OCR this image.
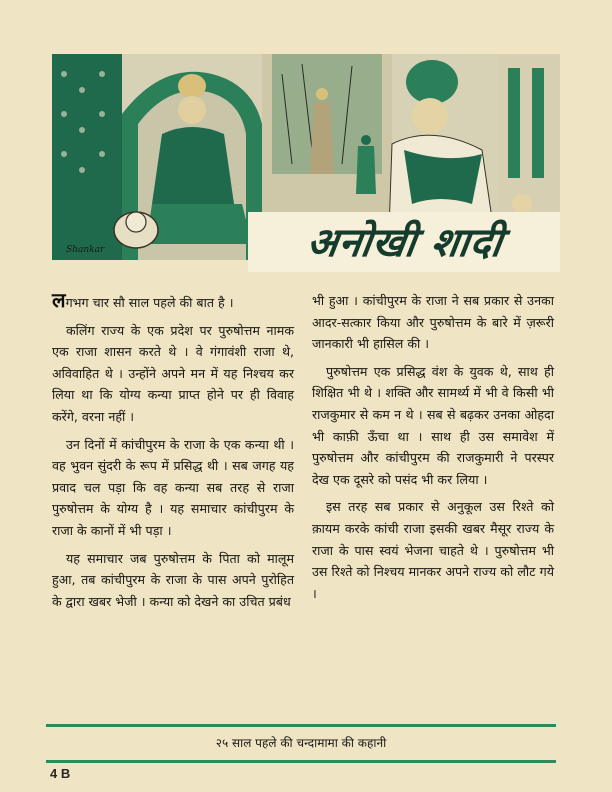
Shankar	अनोखी शादी

लगभग चार सौ साल पहले की बात है ।

कलिंग राज्य के एक प्रदेश पर पुरुषोत्तम नामक एक राजा शासन करते थे । वे गंगावंशी राजा थे, अविवाहित थे । उन्होंने अपने मन में यह निश्चय कर लिया था कि योग्य कन्या प्राप्त होने पर ही विवाह करेंगे, वरना नहीं ।

उन दिनों में कांचीपुरम के राजा के एक कन्या थी । वह भुवन सुंदरी के रूप में प्रसिद्ध थी । सब जगह यह प्रवाद चल पड़ा कि वह कन्या सब तरह से राजा पुरुषोत्तम के योग्य है । यह समाचार कांचीपुरम के राजा के कानों में भी पड़ा ।

यह समाचार जब पुरुषोत्तम के पिता को मालूम हुआ, तब कांचीपुरम के राजा के पास अपने पुरोहित के द्वारा खबर भेजी । कन्या को देखने का उचित प्रबंध

भी हुआ । कांचीपुरम के राजा ने सब प्रकार से उनका आदर-सत्कार किया और पुरुषोत्तम के बारे में ज़रूरी जानकारी भी हासिल की ।

पुरुषोत्तम एक प्रसिद्ध वंश के युवक थे, साथ ही शिक्षित भी थे । शक्ति और सामर्थ्य में भी वे किसी भी राजकुमार से कम न थे । सब से बढ़कर उनका ओहदा भी काफ़ी ऊँचा था । साथ ही उस समावेश में पुरुषोत्तम और कांचीपुरम की राजकुमारी ने परस्पर देख एक दूसरे को पसंद भी कर लिया ।

इस तरह सब प्रकार से अनुकूल उस रिश्ते को क़ायम करके कांची राजा इसकी खबर मैसूर राज्य के राजा के पास स्वयं भेजना चाहते थे । पुरुषोत्तम भी उस रिश्ते को निश्चय मानकर अपने राज्य को लौट गये ।

२५ साल पहले की चन्दामामा की कहानी
4 B
